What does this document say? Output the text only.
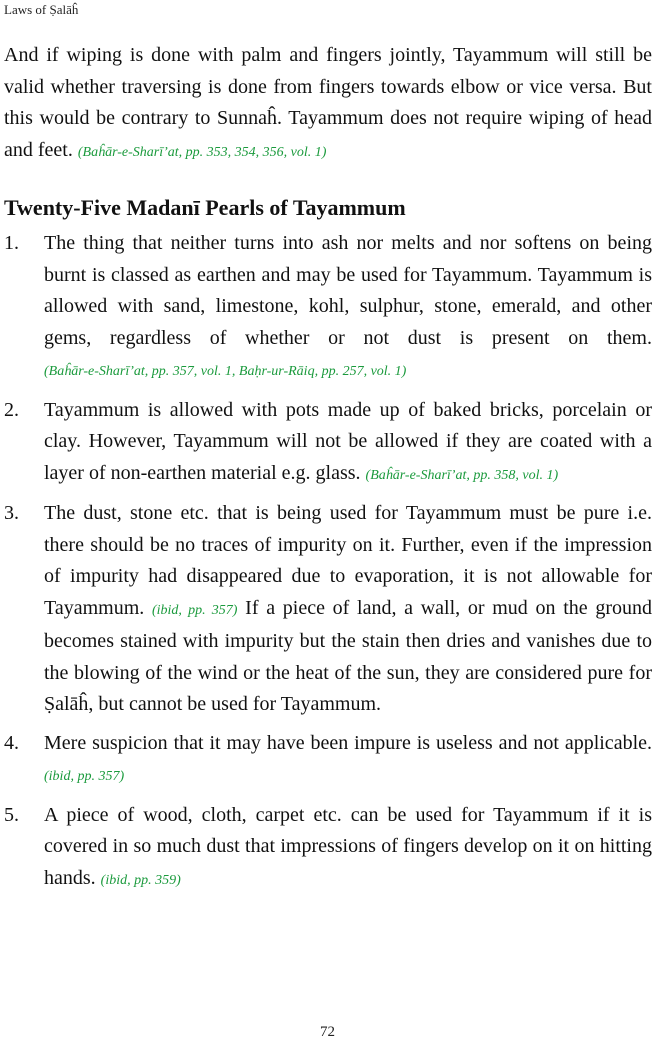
Laws of Ṣalāĥ

And if wiping is done with palm and fingers jointly, Tayammum will still be valid whether traversing is done from fingers towards elbow or vice versa. But this would be contrary to Sunnaĥ. Tayammum does not require wiping of head and feet. (Baĥār-e-Sharī’at, pp. 353, 354, 356, vol. 1)

Twenty-Five Madanī Pearls of Tayammum
1. The thing that neither turns into ash nor melts and nor softens on being burnt is classed as earthen and may be used for Tayammum. Tayammum is allowed with sand, limestone, kohl, sulphur, stone, emerald, and other gems, regardless of whether or not dust is present on them. (Baĥār-e-Sharī’at, pp. 357, vol. 1, Baḥr-ur-Rāiq, pp. 257, vol. 1)

2. Tayammum is allowed with pots made up of baked bricks, porcelain or clay. However, Tayammum will not be allowed if they are coated with a layer of non-earthen material e.g. glass. (Baĥār-e-Sharī’at, pp. 358, vol. 1)

3. The dust, stone etc. that is being used for Tayammum must be pure i.e. there should be no traces of impurity on it. Further, even if the impression of impurity had disappeared due to evaporation, it is not allowable for Tayammum. (ibid, pp. 357) If a piece of land, a wall, or mud on the ground becomes stained with impurity but the stain then dries and vanishes due to the blowing of the wind or the heat of the sun, they are considered pure for Ṣalāĥ, but cannot be used for Tayammum.

4. Mere suspicion that it may have been impure is useless and not applicable. (ibid, pp. 357)

5. A piece of wood, cloth, carpet etc. can be used for Tayammum if it is covered in so much dust that impressions of fingers develop on it on hitting hands. (ibid, pp. 359)

72
